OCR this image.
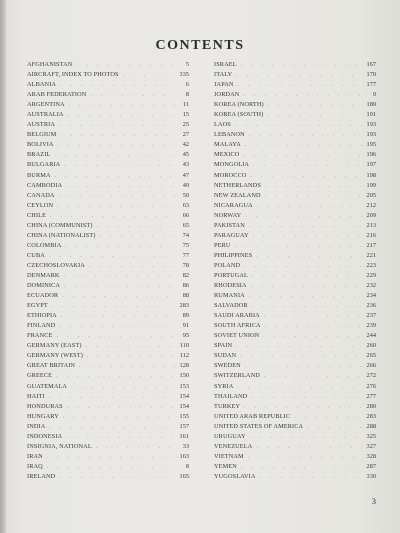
CONTENTS
AFGHANISTAN . . .	5
AIRCRAFT, INDEX TO PHOTOS . . .	335
ALBANIA . . .	6
ARAB FEDERATION . . .	8
ARGENTINA . . .	11
AUSTRALIA . . .	15
AUSTRIA . . .	25
BELGIUM . . .	27
BOLIVIA . . .	42
BRAZIL . . .	45
BULGARIA . . .	43
BURMA . . .	47
CAMBODIA . . .	49
CANADA . . .	50
CEYLON . . .	63
CHILE . . .	66
CHINA (COMMUNIST) . . .	65
CHINA (NATIONALIST) . . .	74
COLOMBIA . . .	75
CUBA . . .	77
CZECHOSLOVAKIA . . .	78
DENMARK . . .	82
DOMINICA . . .	86
ECUADOR . . .	88
EGYPT . . .	283
ETHIOPIA . . .	89
FINLAND . . .	91
FRANCE . . .	95
GERMANY (EAST) . . .	110
GERMANY (WEST) . . .	112
GREAT BRITAIN . . .	128
GREECE . . .	150
GUATEMALA . . .	153
HAITI . . .	154
HONDURAS . . .	154
HUNGARY . . .	155
INDIA . . .	157
INDONESIA . . .	161
INSIGNIA, NATIONAL . . .	33
IRAN . . .	163
IRAQ . . .	8
IRELAND . . .	165
ISRAEL . . .	167
ITALY . . .	170
JAPAN . . .	177
JORDAN . . .	9
KOREA (NORTH) . . .	189
KOREA (SOUTH) . . .	191
LAOS . . .	193
LEBANON . . .	193
MALAYA . . .	195
MEXICO . . .	196
MONGOLIA . . .	197
MOROCCO . . .	198
NETHERLANDS . . .	199
NEW ZEALAND . . .	205
NICARAGUA . . .	212
NORWAY . . .	209
PAKISTAN . . .	213
PARAGUAY . . .	216
PERU . . .	217
PHILIPPINES . . .	221
POLAND . . .	223
PORTUGAL . . .	229
RHODESIA . . .	232
RUMANIA . . .	234
SALVADOR . . .	236
SAUDI ARABIA . . .	237
SOUTH AFRICA . . .	239
SOVIET UNION . . .	244
SPAIN . . .	260
SUDAN . . .	265
SWEDEN . . .	266
SWITZERLAND . . .	272
SYRIA . . .	276
THAILAND . . .	277
TURKEY . . .	280
UNITED ARAB REPUBLIC . . .	283
UNITED STATES OF AMERICA . . .	288
URUGUAY . . .	325
VENEZUELA . . .	327
VIETNAM . . .	328
YEMEN . . .	287
YUGOSLAVIA . . .	330
3
